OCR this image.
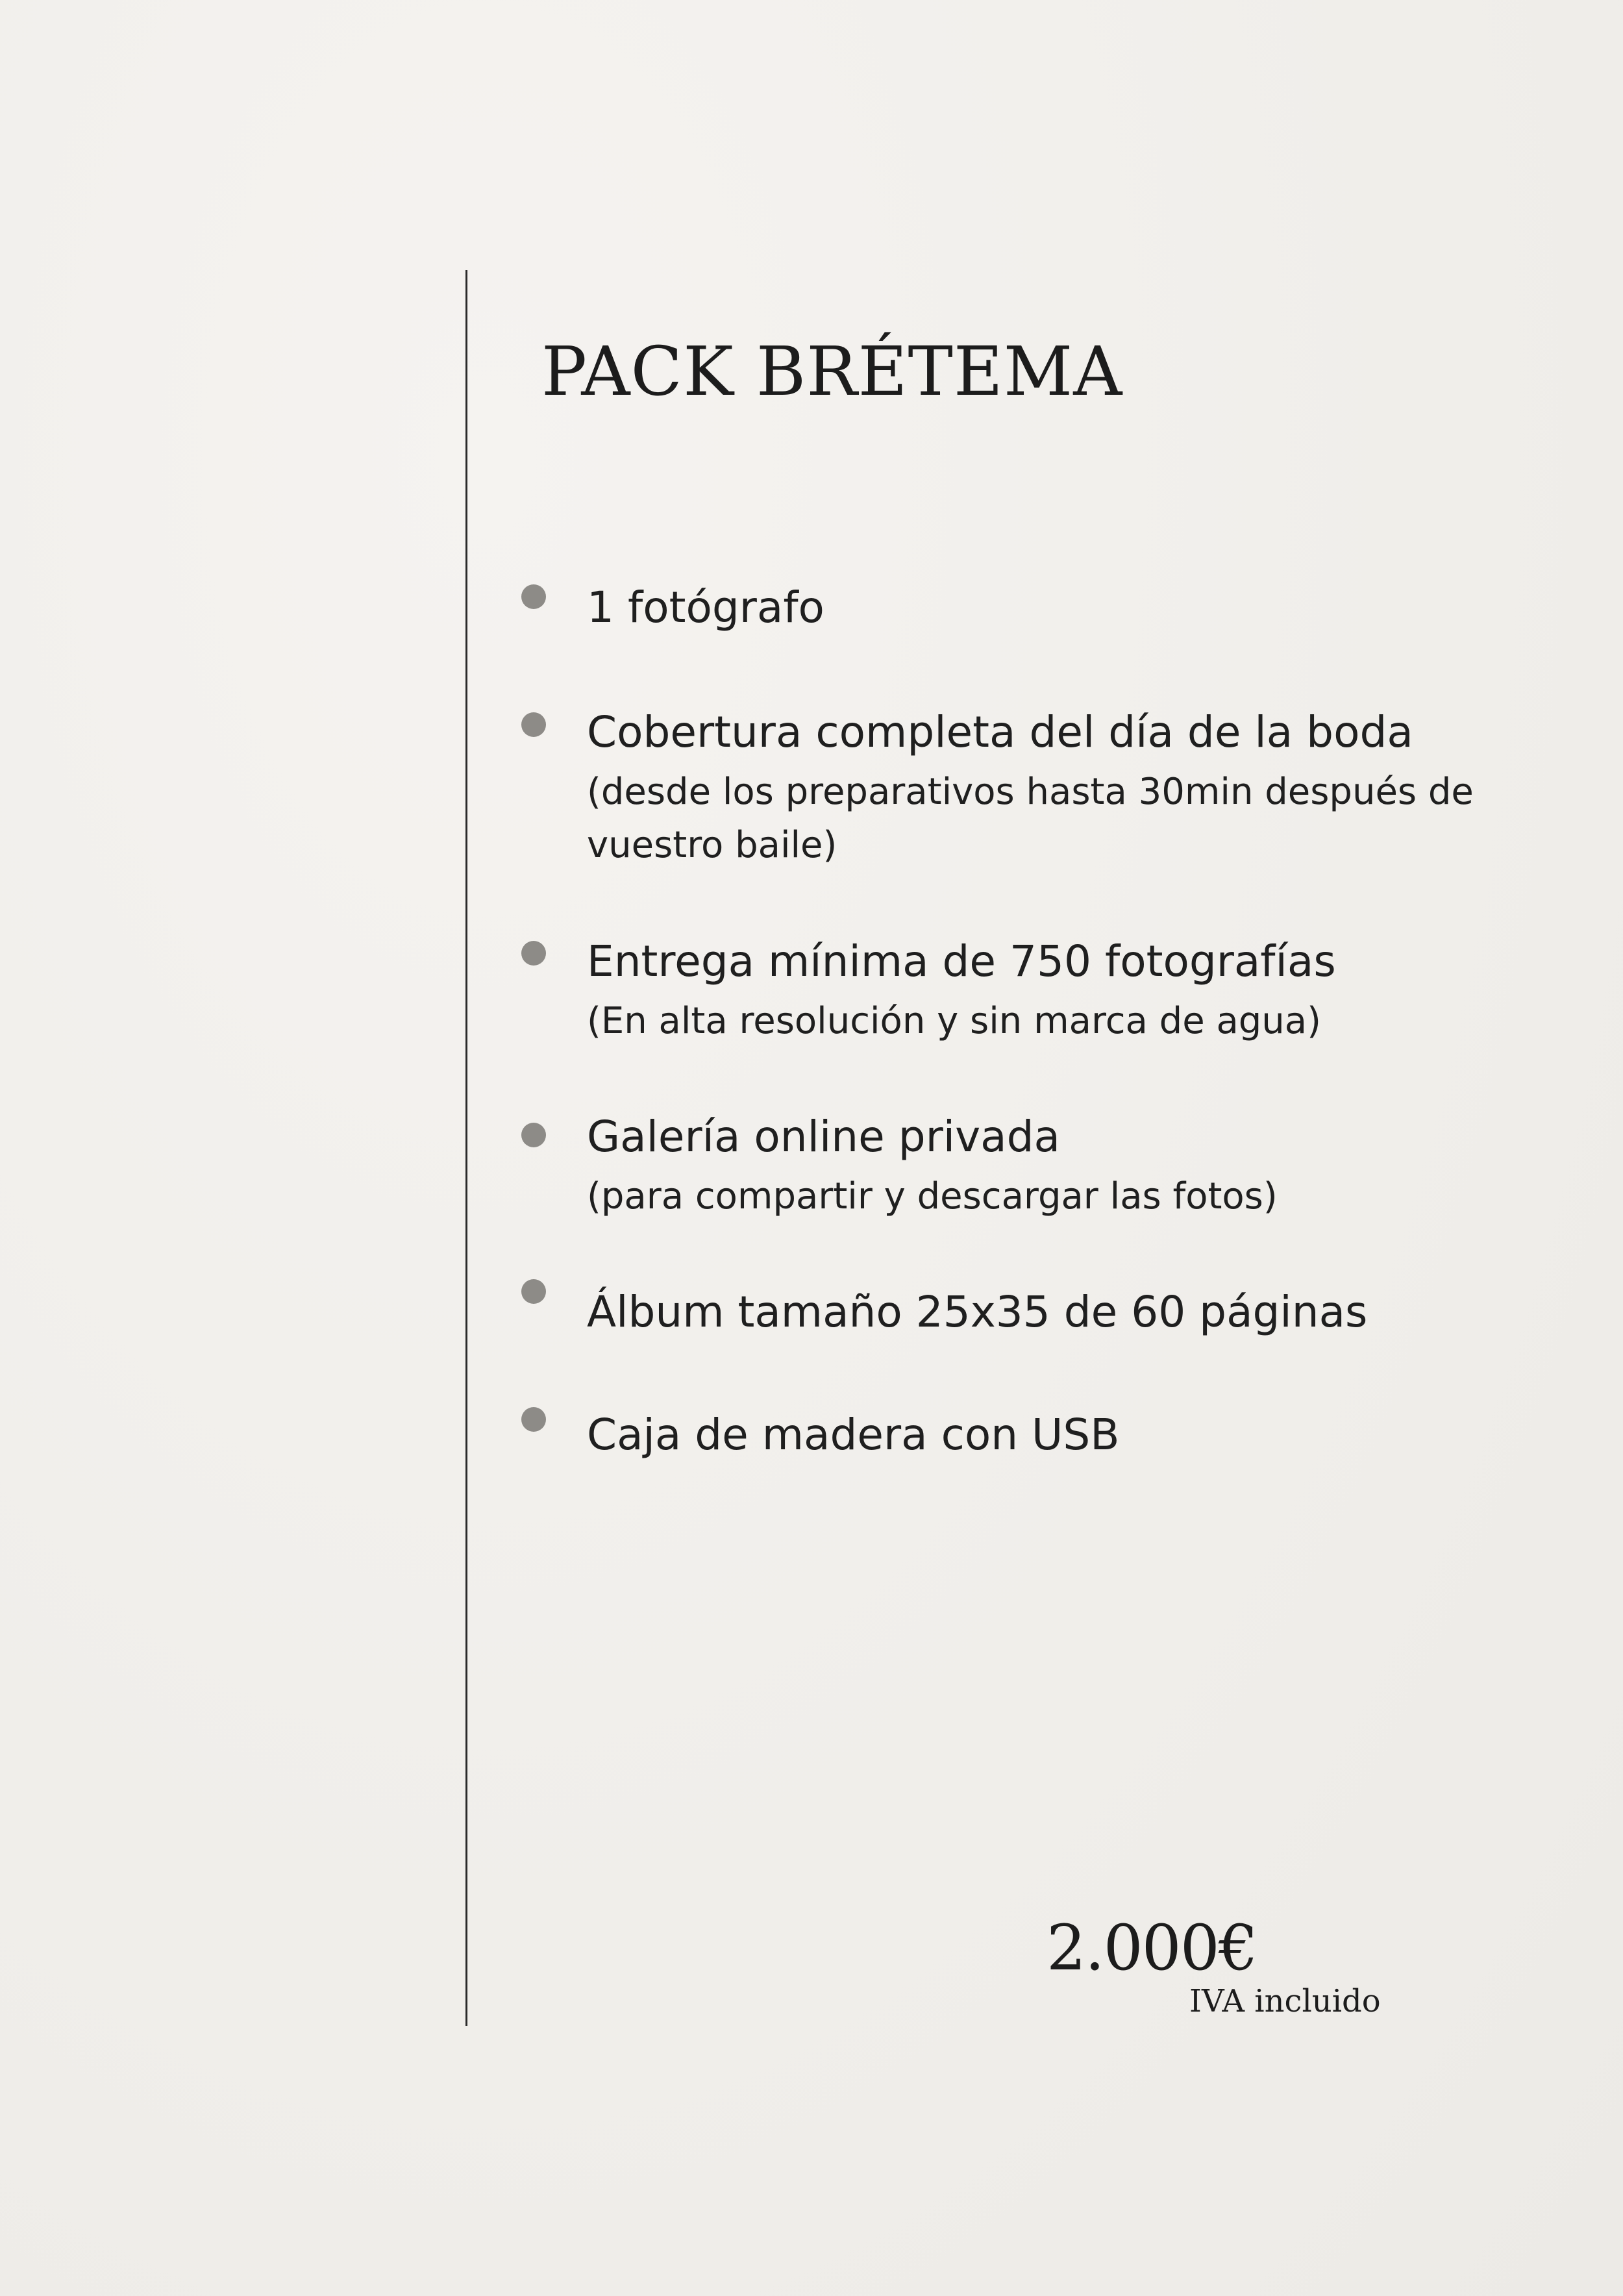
PACK BRÉTEMA

1 fotógrafo

Cobertura completa del día de la boda

(desde los preparativos hasta 30min después de vuestro baile)

Entrega mínima de 750 fotografías

(En alta resolución y sin marca de agua)

Galería online privada

(para compartir y descargar las fotos)

Álbum tamaño 25x35 de 60 páginas

Caja de madera con USB

2.000€

IVA incluido
